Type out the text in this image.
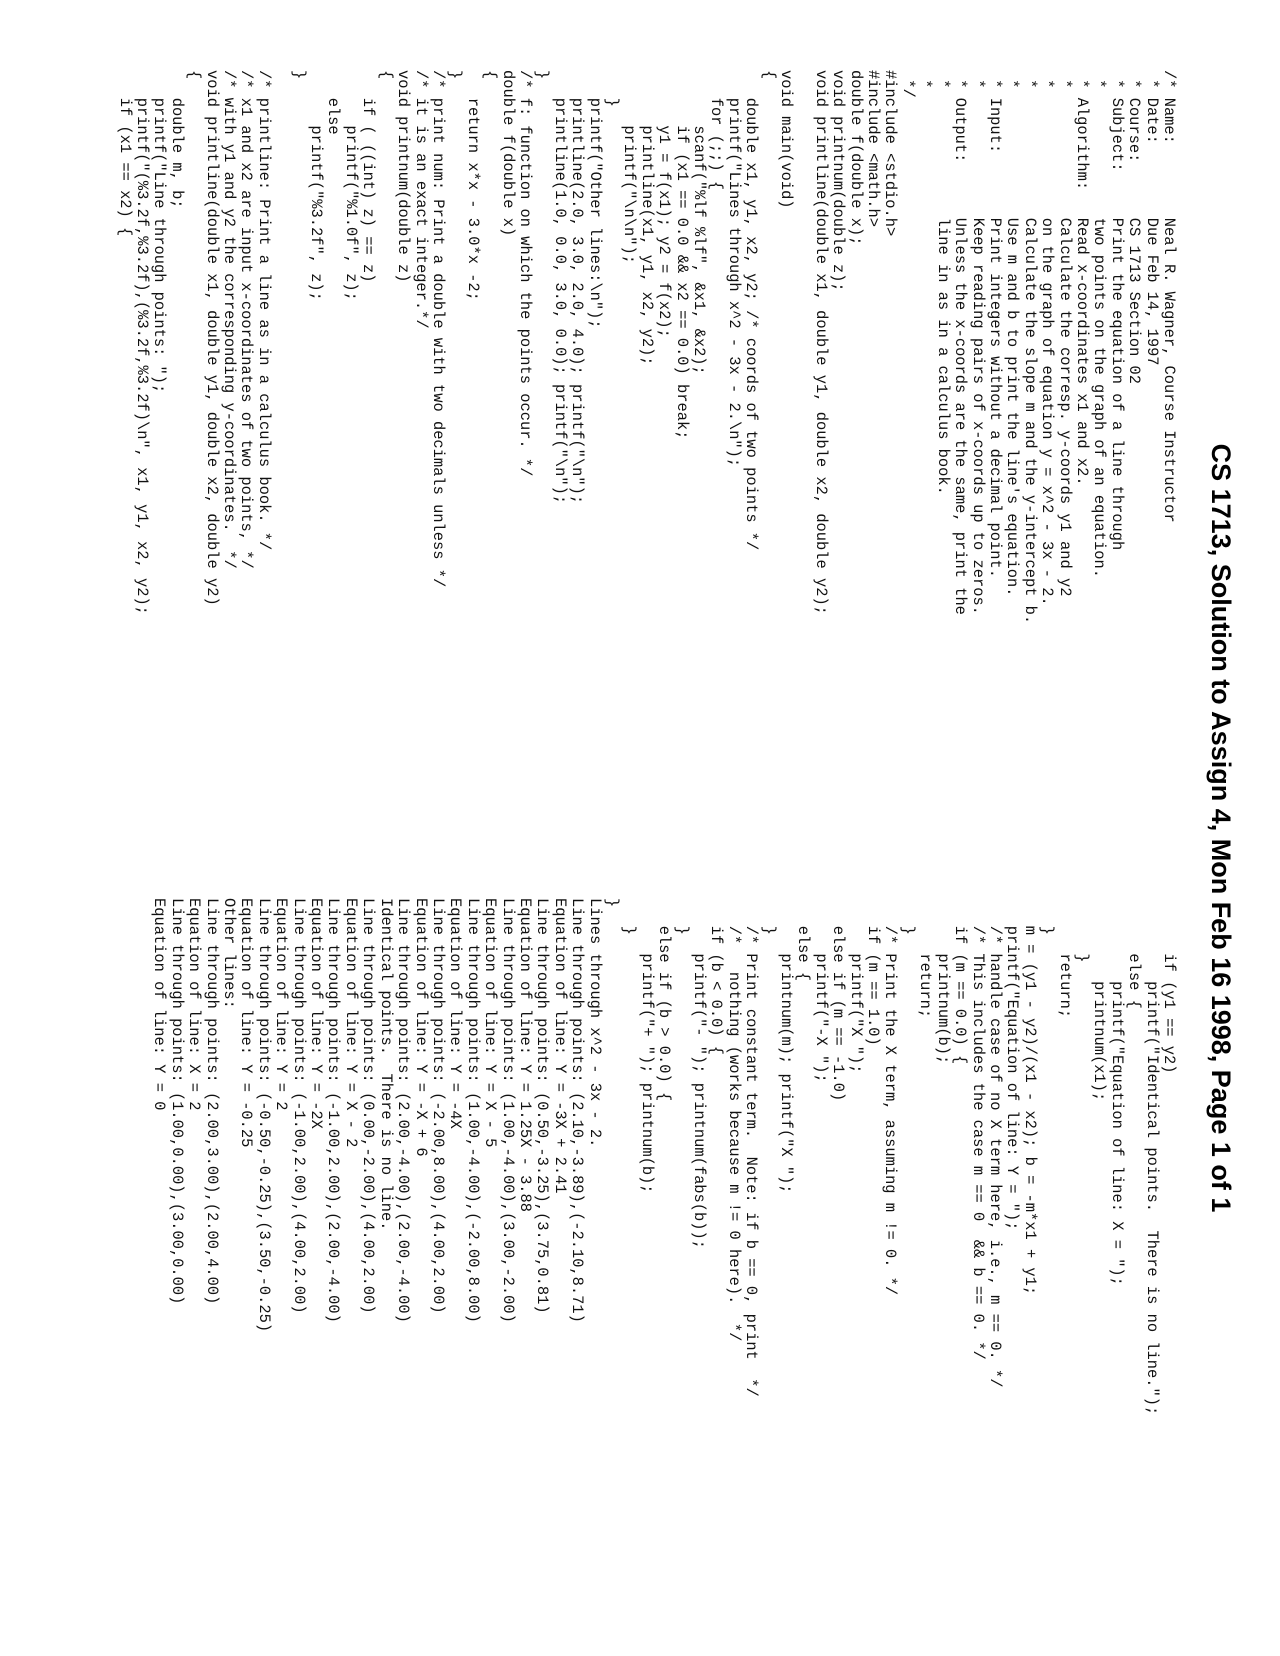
CS 1713, Solution to Assign 4, Mon Feb 16 1998, Page 1 of 1
/* Name:        Neal R. Wagner, Course Instructor
* Date:        Due Feb 14, 1997
* Course:      CS 1713 Section 02
* Subject:     Print the equation of a line through
*              two points on the graph of an equation.
* Algorithm:   Read x-coordinates x1 and x2.
*              Calculate the corresp. y-coords y1 and y2
*              on the graph of equation y = x^2 - 3x - 2.
*              Calculate the slope m and the y-intercept b.
*              Use m and b to print the line's equation.
* Input:       Print integers without a decimal point.
*              Keep reading pairs of x-coords up to zeros.
* Output:      Unless the x-coords are the same, print the
*              line in as in a calculus book.
*
*/
#include <stdio.h>
#include <math.h>
double f(double x);
void printnum(double z);
void printline(double x1, double y1, double x2, double y2);

void main(void)
{
double x1, y1, x2, y2; /* coords of two points */
printf("Lines through x^2 - 3x - 2.\n");
for (;;) {
scanf("%lf %lf", &x1, &x2);
if (x1 == 0.0 && x2 == 0.0) break;
y1 = f(x1); y2 = f(x2);
printline(x1, y1, x2, y2);
printf("\n\n");
}
printf("Other lines:\n");
printline(2.0, 3.0, 2.0, 4.0); printf("\n");
printline(1.0, 0.0, 3.0, 0.0); printf("\n");
}
/* f: function on which the points occur. */
double f(double x)
{
return x*x - 3.0*x -2;
}
/* print num: Print a double with two decimals unless */
/* it is an exact integer.*/
void printnum(double z)
{
if ( ((int) z) == z)
printf("%1.0f", z);
else
printf("%3.2f", z);
}

/* printline: Print a line as in a calculus book. */
/* x1 and x2 are input x-coordinates of two points, */
/* with y1 and y2 the corresponding y-coordinates.  */
void printline(double x1, double y1, double x2, double y2)
{
double m, b;
printf("Line through points: ");
printf("(%3.2f,%3.2f),(%3.2f,%3.2f)\n", x1, y1, x2, y2);
if (x1 == x2) {
if (y1 == y2)
printf("Identical points.  There is no line.");
else {
printf("Equation of line: X = ");
printnum(x1);
}
return;
}
m = (y1 - y2)/(x1 - x2); b = -m*x1 + y1;
printf("Equation of line: Y = ");
/* handle case of no X term here, i.e., m == 0. */
/* This includes the case m == 0  && b == 0. */
if (m == 0.0) {
printnum(b);
return;
}
/* Print the X term, assuming m != 0. */
if (m == 1.0)
printf("X ");
else if (m == -1.0)
printf("-X ");
else {
printnum(m); printf("X ");
}
/* Print constant term.  Note: if b == 0, print  */
/*   nothing (works because m != 0 here).  */
if (b < 0.0) {
printf("- "); printnum(fabs(b));
}
else if (b > 0.0) {
printf("+ "); printnum(b);
}
}
Lines through x^2 - 3x - 2.
Line through points: (2.10,-3.89),(-2.10,8.71)
Equation of line: Y = -3X + 2.41
Line through points: (0.50,-3.25),(3.75,0.81)
Equation of line: Y = 1.25X - 3.88
Line through points: (1.00,-4.00),(3.00,-2.00)
Equation of line: Y = X - 5
Line through points: (1.00,-4.00),(-2.00,8.00)
Equation of line: Y = -4X
Line through points: (-2.00,8.00),(4.00,2.00)
Equation of line: Y = -X + 6
Line through points: (2.00,-4.00),(2.00,-4.00)
Identical points.  There is no line.
Line through points: (0.00,-2.00),(4.00,2.00)
Equation of line: Y = X - 2
Line through points: (-1.00,2.00),(2.00,-4.00)
Equation of line: Y = -2X
Line through points: (-1.00,2.00),(4.00,2.00)
Equation of line: Y = 2
Line through points: (-0.50,-0.25),(3.50,-0.25)
Equation of line: Y = -0.25
Other lines:
Line through points: (2.00,3.00),(2.00,4.00)
Equation of line: X = 2
Line through points: (1.00,0.00),(3.00,0.00)
Equation of line: Y = 0
